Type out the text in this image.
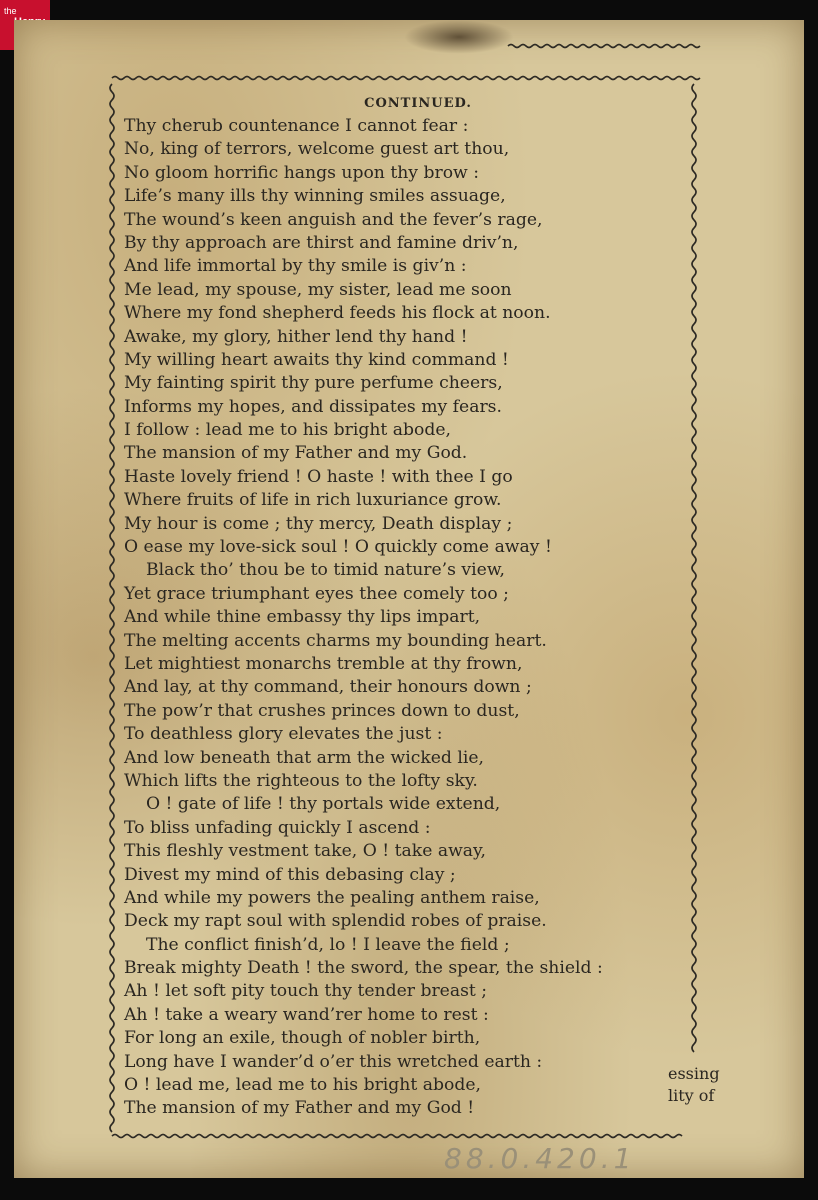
the
CONTINUED.
Thy cherub countenance I cannot fear :
No, king of terrors, welcome guest art thou,
No gloom horrific hangs upon thy brow :
Life’s many ills thy winning smiles assuage,
The wound’s keen anguish and the fever’s rage,
By thy approach are thirst and famine driv’n,
And life immortal by thy smile is giv’n :
Me lead, my spouse, my sister, lead me soon
Where my fond shepherd feeds his flock at noon.
Awake, my glory, hither lend thy hand !
My willing heart awaits thy kind command !
My fainting spirit thy pure perfume cheers,
Informs my hopes, and dissipates my fears.
I follow : lead me to his bright abode,
The mansion of my Father and my God.
Haste lovely friend ! O haste ! with thee I go
Where fruits of life in rich luxuriance grow.
My hour is come ; thy mercy, Death display ;
O ease my love-sick soul ! O quickly come away !
Black tho’ thou be to timid nature’s view,
Yet grace triumphant eyes thee comely too ;
And while thine embassy thy lips impart,
The melting accents charms my bounding heart.
Let mightiest monarchs tremble at thy frown,
And lay, at thy command, their honours down ;
The pow’r that crushes princes down to dust,
To deathless glory elevates the just :
And low beneath that arm the wicked lie,
Which lifts the righteous to the lofty sky.
O ! gate of life ! thy portals wide extend,
To bliss unfading quickly I ascend :
This fleshly vestment take, O ! take away,
Divest my mind of this debasing clay ;
And while my powers the pealing anthem raise,
Deck my rapt soul with splendid robes of praise.
The conflict finish’d, lo ! I leave the field ;
Break mighty Death ! the sword, the spear, the shield :
Ah ! let soft pity touch thy tender breast ;
Ah ! take a weary wand’rer home to rest :
For long an exile, though of nobler birth,
Long have I wander’d o’er this wretched earth :
O ! lead me, lead me to his bright abode,
The mansion of my Father and my God !
essing
lity of
88.0.420.1
